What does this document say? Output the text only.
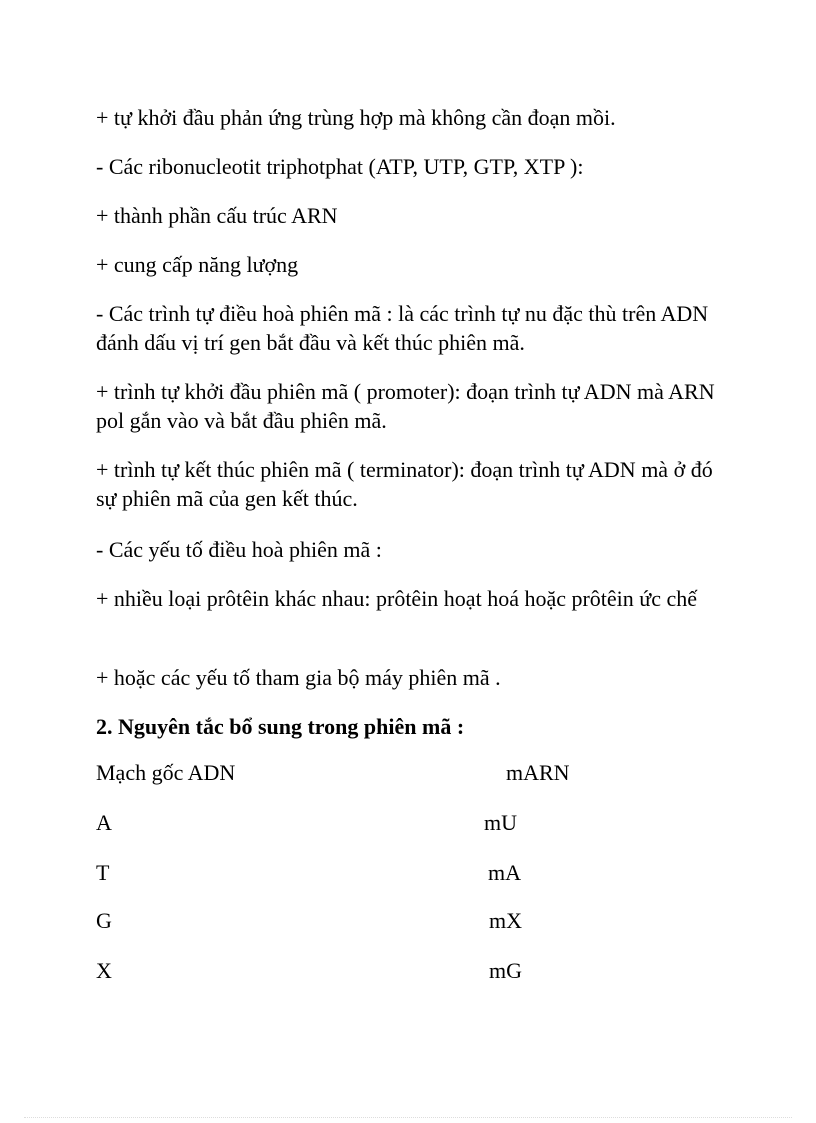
+ tự khởi đầu phản ứng trùng hợp mà không cần đoạn mồi.

- Các ribonucleotit triphotphat (ATP, UTP, GTP, XTP ):

+ thành phần cấu trúc ARN

+ cung cấp năng lượng

- Các trình tự điều hoà phiên mã : là các trình tự nu đặc thù trên ADN đánh dấu vị trí gen bắt đầu và kết thúc phiên mã.

+ trình tự khởi đầu phiên mã ( promoter): đoạn trình tự ADN mà ARN pol gắn vào và bắt đầu phiên mã.

+ trình tự kết thúc phiên mã ( terminator): đoạn trình tự ADN mà ở đó sự phiên mã của gen kết thúc.

- Các yếu tố điều hoà phiên mã :

+ nhiều loại prôtêin khác nhau: prôtêin hoạt hoá hoặc prôtêin ức chế

+ hoặc các yếu tố tham gia bộ máy phiên mã .

2. Nguyên tắc bổ sung trong phiên mã :

Mạch gốc ADN	mARN
A	mU
T	mA
G	mX
X	mG
